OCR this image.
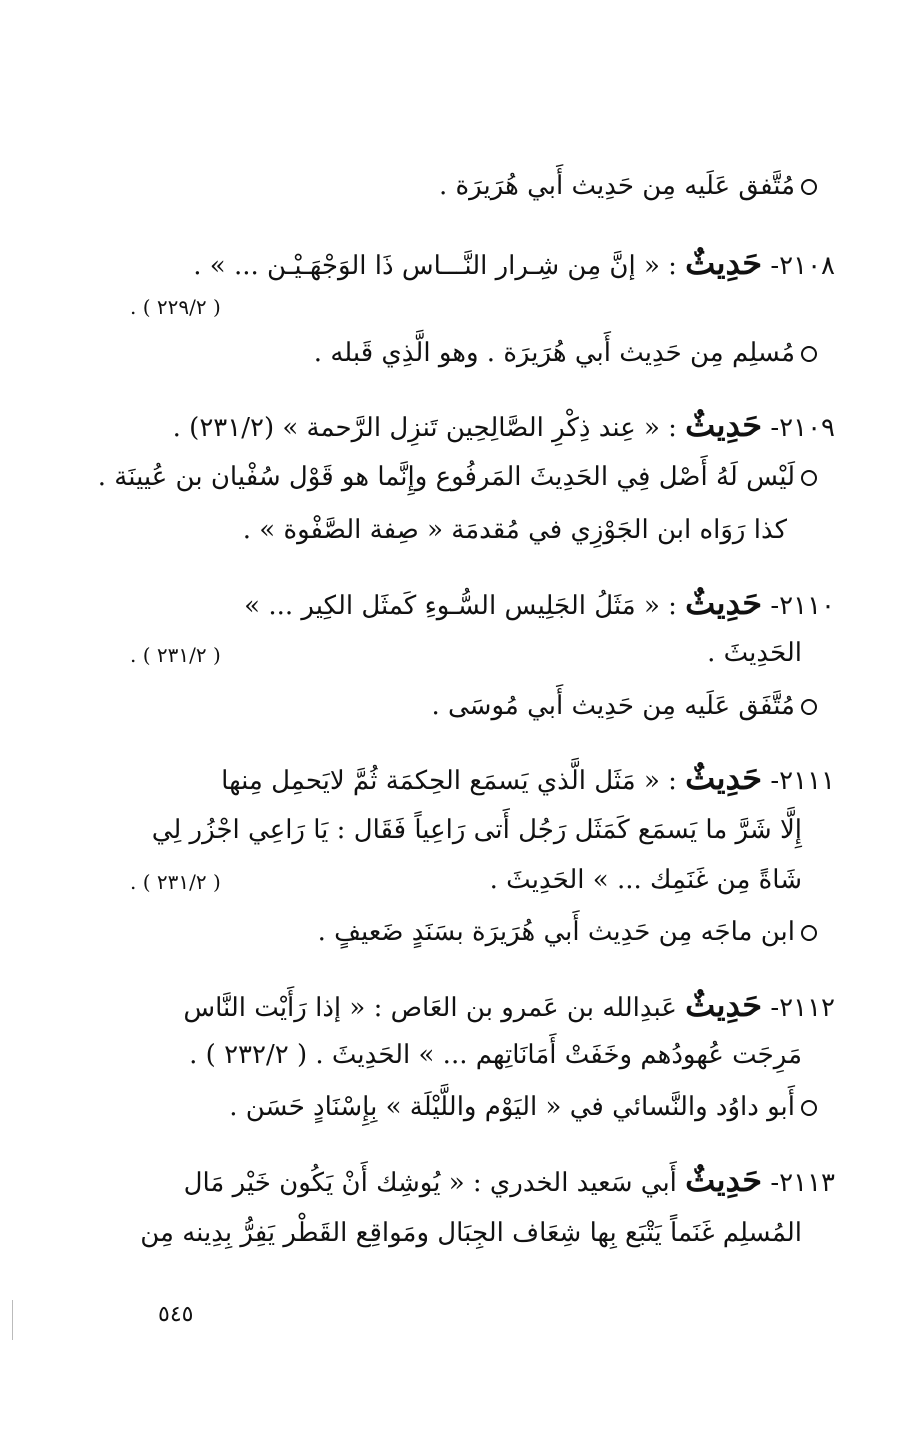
مُتَّفق عَلَيه مِن حَدِيث أَبي هُرَيرَة .
٢١٠٨- حَدِيثٌ : « إنَّ مِن شِـرار النَّـــاس ذَا الوَجْهَـيْـن ... » .
. ( ٢٢٩/٢ )
مُسلِم مِن حَدِيث أَبي هُرَيرَة . وهو الَّذِي قَبله .
٢١٠٩- حَدِيثٌ : « عِند ذِكْرِ الصَّالِحِين تَنزِل الرَّحمة » (٢٣١/٢) .
لَيْس لَهُ أَصْل فِي الحَدِيثَ المَرفُوع وإِنَّما هو قَوْل سُفْيان بن عُيينَة .
كذا رَوَاه ابن الجَوْزِي في مُقدمَة « صِفة الصَّفْوة » .
٢١١٠- حَدِيثٌ : « مَثَلُ الجَلِيس السُّـوءِ كَمثَل الكِير ... »
الحَدِيثَ .
. ( ٢٣١/٢ )
مُتَّفَق عَلَيه مِن حَدِيث أَبي مُوسَى .
٢١١١- حَدِيثٌ : « مَثَل الَّذي يَسمَع الحِكمَة ثُمَّ لايَحمِل مِنها
إِلَّا شَرَّ ما يَسمَع كَمَثَل رَجُل أَتى رَاعِياً فَقَال : يَا رَاعِي اجْزُر لِي
شَاةً مِن غَنَمِك ... » الحَدِيثَ .
. ( ٢٣١/٢ )
ابن ماجَه مِن حَدِيث أَبي هُرَيرَة بسَنَدٍ ضَعيفٍ .
٢١١٢- حَدِيثٌ عَبدِالله بن عَمرو بن العَاص : « إذا رَأَيْت النَّاس
مَرِجَت عُهودُهم وخَفَتْ أَمَانَاتِهم ... » الحَدِيثَ . ( ٢٣٢/٢ ) .
أَبو داوُد والنَّسائي في « اليَوْم واللَّيْلَة » بِإِسْنَادٍ حَسَن .
٢١١٣- حَدِيثٌ أَبي سَعيد الخدري : « يُوشِك أَنْ يَكُون خَيْر مَال
المُسلِم غَنَماً يَتْبَع بِها شِعَاف الجِبَال ومَواقِع القَطْر يَفِرُّ بِدِينه مِن
٥٤٥
